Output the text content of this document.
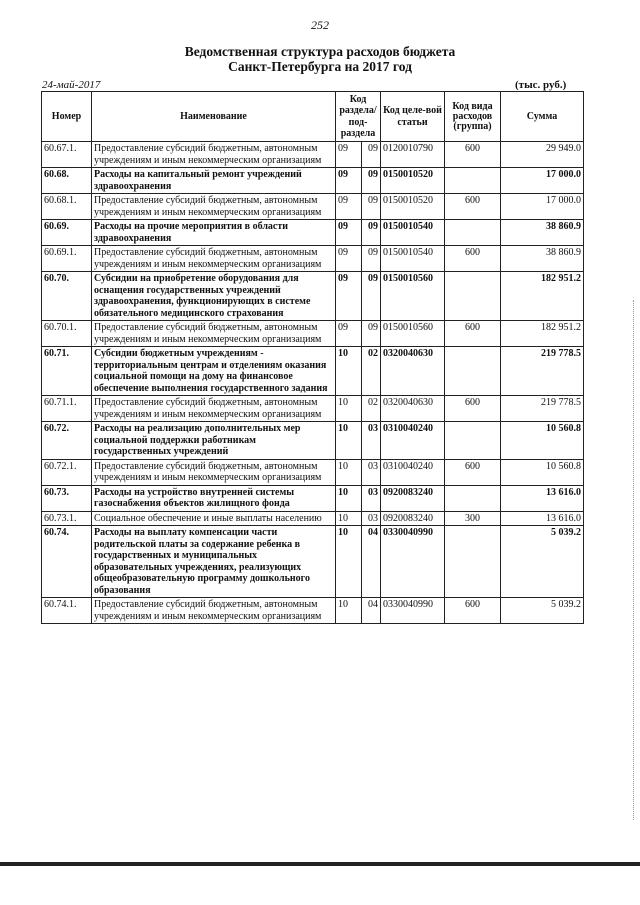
252
Ведомственная структура расходов бюджета
Санкт-Петербурга на 2017 год
24-май-2017	(тыс. руб.)
Номер	Наименование	Код раздела/ под-раздела		Код целе-вой статьи	Код вида расходов (группа)	Сумма
60.67.1.	Предоставление субсидий бюджетным, автономным учреждениям и иным некоммерческим организациям	09	09	0120010790	600	29 949.0
60.68.	Расходы на капитальный ремонт учреждений здравоохранения	09	09	0150010520		17 000.0
60.68.1.	Предоставление субсидий бюджетным, автономным учреждениям и иным некоммерческим организациям	09	09	0150010520	600	17 000.0
60.69.	Расходы на прочие мероприятия в области здравоохранения	09	09	0150010540		38 860.9
60.69.1.	Предоставление субсидий бюджетным, автономным учреждениям и иным некоммерческим организациям	09	09	0150010540	600	38 860.9
60.70.	Субсидии на приобретение оборудования для оснащения государственных учреждений здравоохранения, функционирующих в системе обязательного медицинского страхования	09	09	0150010560		182 951.2
60.70.1.	Предоставление субсидий бюджетным, автономным учреждениям и иным некоммерческим организациям	09	09	0150010560	600	182 951.2
60.71.	Субсидии бюджетным учреждениям - территориальным центрам и отделениям оказания социальной помощи на дому на финансовое обеспечение выполнения государственного задания	10	02	0320040630		219 778.5
60.71.1.	Предоставление субсидий бюджетным, автономным учреждениям и иным некоммерческим организациям	10	02	0320040630	600	219 778.5
60.72.	Расходы на реализацию дополнительных мер социальной поддержки работникам государственных учреждений	10	03	0310040240		10 560.8
60.72.1.	Предоставление субсидий бюджетным, автономным учреждениям и иным некоммерческим организациям	10	03	0310040240	600	10 560.8
60.73.	Расходы на устройство внутренней системы газоснабжения объектов жилищного фонда	10	03	0920083240		13 616.0
60.73.1.	Социальное обеспечение и иные выплаты населению	10	03	0920083240	300	13 616.0
60.74.	Расходы на выплату компенсации части родительской платы за содержание ребенка в государственных и муниципальных образовательных учреждениях, реализующих общеобразовательную программу дошкольного образования	10	04	0330040990		5 039.2
60.74.1.	Предоставление субсидий бюджетным, автономным учреждениям и иным некоммерческим организациям	10	04	0330040990	600	5 039.2
